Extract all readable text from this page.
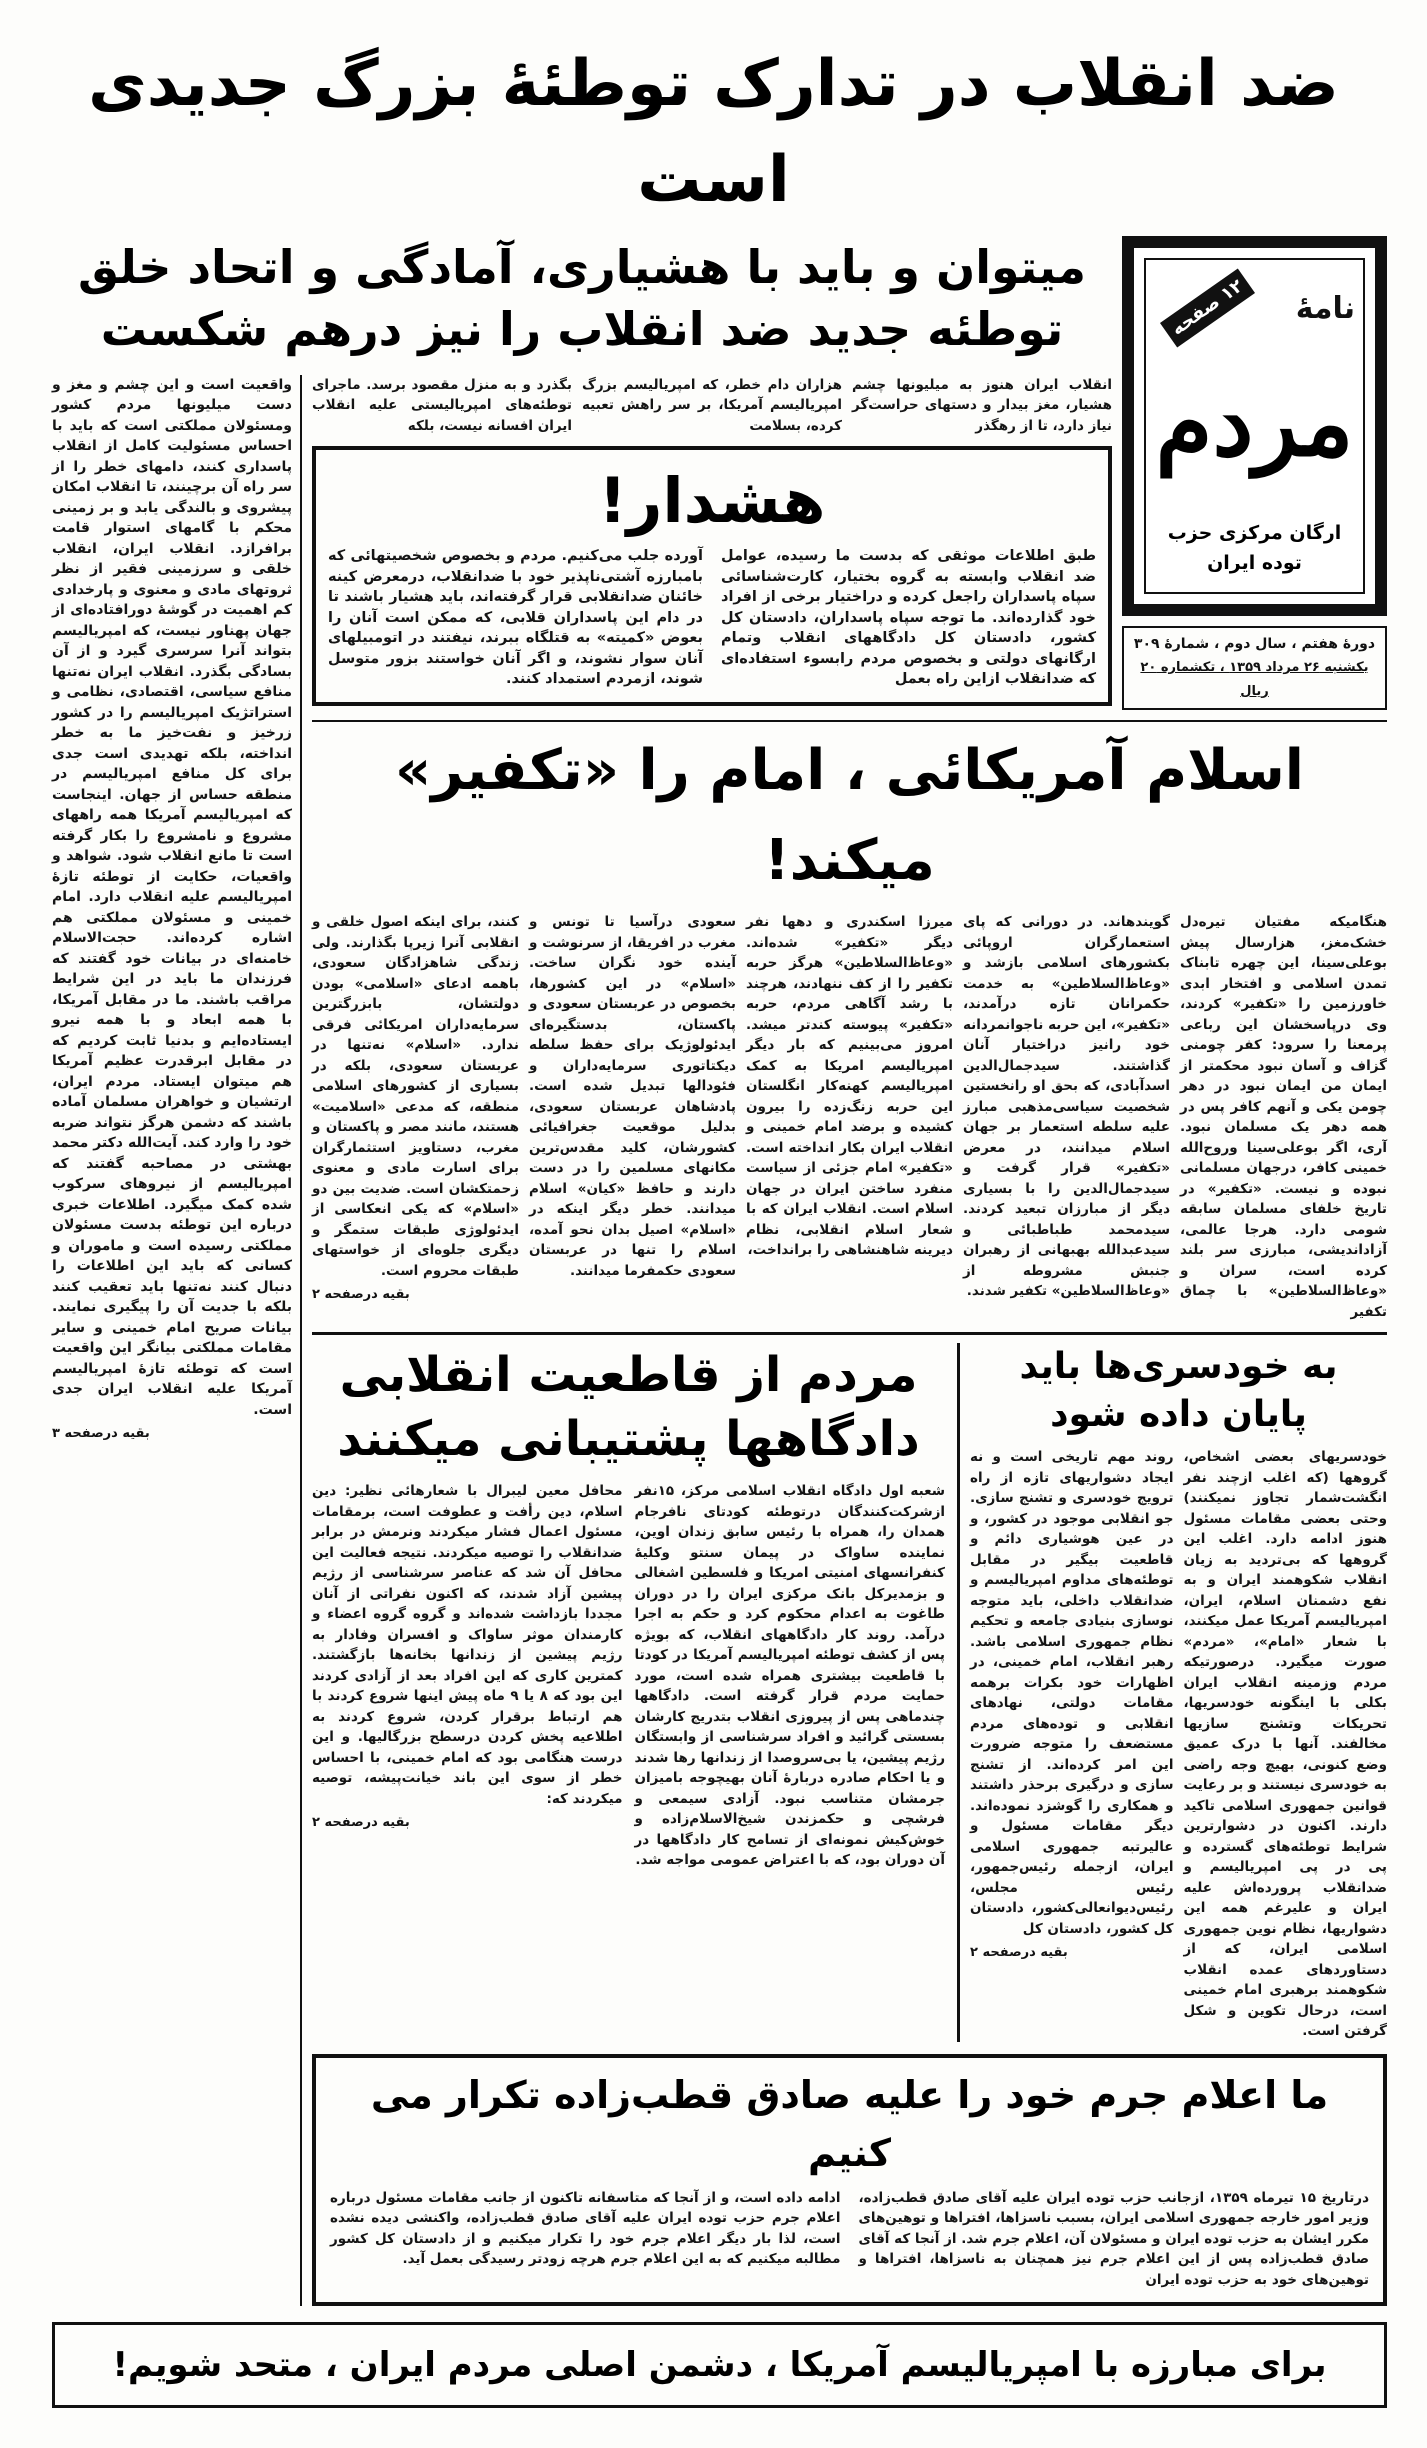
ضد انقلاب در تدارک توطئۀ بزرگ جدیدی است
نامۀ
۱۲ صفحه
مردم
ارگان مرکزی حزب توده ایران
دورۀ هفتم ، سال دوم ، شمارۀ ۳۰۹
یکشنبه ۲۶ مرداد ۱۳۵۹ ، تکشماره ۲۰ ریال
میتوان و باید با هشیاری، آمادگی و اتحاد خلق
توطئه جدید ضد انقلاب را نیز درهم شکست
انقلاب ایران هنوز به میلیونها چشم هشیار، مغز بیدار و دستهای حراست‌گر نیاز دارد، تا از رهگذر
هزاران دام خطر، که امپریالیسم بزرگ امپریالیسم آمریکا، بر سر راهش تعبیه کرده، بسلامت
بگذرد و به منزل مقصود برسد. ماجرای توطئه‌های امپریالیستی علیه انقلاب ایران افسانه نیست، بلکه
هشدار!
طبق اطلاعات موثقی که بدست ما رسیده، عوامل ضد انقلاب وابسته به گروه بختیار، کارت‌شناسائی سپاه پاسداران راجعل کرده و دراختیار برخی از افراد خود گذارده‌اند. ما توجه سپاه پاسداران، دادستان کل کشور، دادستان کل دادگاههای انقلاب وتمام ارگانهای دولتی و بخصوص مردم رابسوء استفاده‌ای که ضدانقلاب ازاین راه بعمل
آورده جلب می‌کنیم. مردم و بخصوص شخصیتهائی که بامبارزه آشتی‌ناپذیر خود با ضدانقلاب، درمعرض کینه خائنان ضدانقلابی قرار گرفته‌اند، باید هشیار باشند تا در دام این پاسداران قلابی، که ممکن است آنان را بعوض «کمیته» به قتلگاه ببرند، نیفتند در اتومبیلهای آنان سوار نشوند، و اگر آنان خواستند بزور متوسل شوند، ازمردم استمداد کنند.
واقعیت است و این چشم و مغز و دست میلیونها مردم کشور ومسئولان مملکتی است که باید با احساس مسئولیت کامل از انقلاب پاسداری کنند، دامهای خطر را از سر راه آن برچینند، تا انقلاب امکان پیشروی و بالندگی یابد و بر زمینی محکم با گامهای استوار قامت برافرازد. انقلاب ایران، انقلاب خلقی و سرزمینی فقیر از نظر ثروتهای مادی و معنوی و پارخدادی کم اهمیت در گوشۀ دورافتاده‌ای از جهان پهناور نیست، که امپریالیسم بتواند آنرا سرسری گیرد و از آن بسادگی بگذرد. انقلاب ایران نه‌تنها منافع سیاسی، اقتصادی، نظامی و استراتژیک امپریالیسم را در کشور زرخیز و نفت‌خیز ما به خطر انداخته، بلکه تهدیدی است جدی برای کل منافع امپریالیسم در منطقه حساس از جهان. اینجاست که امپریالیسم آمریکا همه راههای مشروع و نامشروع را بکار گرفته است تا مانع انقلاب شود. شواهد و واقعیات، حکایت از توطئه تازۀ امپریالیسم علیه انقلاب دارد. امام خمینی و مسئولان مملکتی هم اشاره کرده‌اند. حجت‌الاسلام خامنه‌ای در بیانات خود گفتند که فرزندان ما باید در این شرایط مراقب باشند. ما در مقابل آمریکا، با همه ابعاد و با همه نیرو ایستاده‌ایم و بدنیا ثابت کردیم که در مقابل ابرقدرت عظیم آمریکا هم میتوان ایستاد. مردم ایران، ارتشیان و خواهران مسلمان آماده باشند که دشمن هرگز نتواند ضربه خود را وارد کند. آیت‌الله دکتر محمد بهشتی در مصاحبه گفتند که امپریالیسم از نیروهای سرکوب شده کمک میگیرد. اطلاعات خبری درباره این توطئه بدست مسئولان مملکتی رسیده است و ماموران و کسانی که باید این اطلاعات را دنبال کنند نه‌تنها باید تعقیب کنند بلکه با جدیت آن را پیگیری نمایند. بیانات صریح امام خمینی و سایر مقامات مملکتی بیانگر این واقعیت است که توطئه تازۀ امپریالیسم آمریکا علیه انقلاب ایران جدی است.
بقیه درصفحه ۳
اسلام آمریکائی ، امام را «تکفیر» میکند!
هنگامیکه مفتیان تیره‌دل خشک‌مغز، هزارسال پیش بوعلی‌سینا، این چهره تابناک تمدن اسلامی و افتخار ابدی خاورزمین را «تکفیر» کردند، وی درپاسخشان این رباعی پرمعنا را سرود: کفر چومنی گزاف و آسان نبود محکمتر از ایمان من ایمان نبود در دهر چومن یکی و آنهم کافر پس در همه دهر یک مسلمان نبود. آری، اگر بوعلی‌سینا وروح‌الله خمینی کافر، درجهان مسلمانی نبوده و نیست. «تکفیر» در تاریخ خلفای مسلمان سابقه شومی دارد. هرجا عالمی، آزاداندیشی، مبارزی سر بلند کرده است، سران و «وعاظ‌السلاطین» با چماق تکفیر
گویندهاند. در دورانی که پای استعمارگران اروپائی بکشورهای اسلامی بازشد و «وعاظ‌السلاطین» به خدمت حکمرانان تازه درآمدند، «تکفیر»، این حربه ناجوانمردانه خود رانیز دراختیار آنان گذاشتند. سیدجمال‌الدین اسدآبادی، که بحق او رانخستین شخصیت سیاسی‌مذهبی مبارز علیه سلطه استعمار بر جهان اسلام میدانند، در معرض «تکفیر» قرار گرفت و سیدجمال‌الدین را با بسیاری دیگر از مبارزان تبعید کردند. سیدمحمد طباطبائی و سیدعبدالله بهبهانی از رهبران جنبش مشروطه از «وعاظ‌السلاطین» تکفیر شدند.
میرزا اسکندری و دهها نفر دیگر «تکفیر» شده‌اند. «وعاظ‌السلاطین» هرگز حربه تکفیر را از کف ننهادند، هرچند با رشد آگاهی مردم، حربه «تکفیر» پیوسته کندتر میشد. امروز می‌بینیم که بار دیگر امپریالیسم امریکا به کمک امپریالیسم کهنه‌کار انگلستان این حربه زنگ‌زده را بیرون کشیده و برضد امام خمینی و انقلاب ایران بکار انداخته است. «تکفیر» امام جزئی از سیاست منفرد ساختن ایران در جهان اسلام است. انقلاب ایران که با شعار اسلام انقلابی، نظام دیرینه شاهنشاهی را برانداخت،
سعودی درآسیا تا تونس و مغرب در افریقا، از سرنوشت و آینده خود نگران ساخت. «اسلام» در این کشورها، بخصوص در عربستان سعودی و پاکستان، بدستگیره‌ای ایدئولوژیک برای حفظ سلطه دیکتاتوری سرمایه‌داران و فئودالها تبدیل شده است. پادشاهان عربستان سعودی، بدلیل موقعیت جغرافیائی کشورشان، کلید مقدس‌ترین مکانهای مسلمین را در دست دارند و حافظ «کیان» اسلام میدانند. خطر دیگر اینکه در «اسلام» اصیل بدان نحو آمده، اسلام را تنها در عربستان سعودی حکمفرما میدانند.
کنند، برای اینکه اصول خلقی و انقلابی آنرا زیرپا بگذارند. ولی زندگی شاهزادگان سعودی، باهمه ادعای «اسلامی» بودن دولتشان، بابزرگترین سرمایه‌داران امریکائی فرقی ندارد. «اسلام» نه‌تنها در عربستان سعودی، بلکه در بسیاری از کشورهای اسلامی منطقه، که مدعی «اسلامیت» هستند، مانند مصر و پاکستان و مغرب، دستاویز استثمارگران برای اسارت مادی و معنوی زحمتکشان است. ضدیت بین دو «اسلام» که یکی انعکاسی از ایدئولوژی طبقات ستمگر و دیگری جلوه‌ای از خواستهای طبقات محروم است.
بقیه درصفحه ۲
به خودسری‌ها باید
پایان داده شود
خودسریهای بعضی اشخاص، گروهها (که اغلب ازچند نفر انگشت‌شمار تجاوز نمیکنند) وحتی بعضی مقامات مسئول هنوز ادامه دارد. اغلب این گروهها که بی‌تردید به زیان انقلاب شکوهمند ایران و به نفع دشمنان اسلام، ایران، امپریالیسم آمریکا عمل میکنند، با شعار «امام»، «مردم» صورت میگیرد. درصورتیکه مردم وزمینه انقلاب ایران بکلی با اینگونه خودسریها، تحریکات وتشنج سازیها مخالفند. آنها با درک عمیق وضع کنونی، بهیچ وجه راضی به خودسری نیستند و بر رعایت قوانین جمهوری اسلامی تاکید دارند. اکنون در دشوارترین شرایط توطئه‌های گسترده و پی در پی امپریالیسم و ضدانقلاب پرورده‌اش علیه ایران و علیرغم همه این دشواریها، نظام نوین جمهوری اسلامی ایران، که از دستاوردهای عمده انقلاب شکوهمند برهبری امام خمینی است، درحال تکوین و شکل گرفتن است.
روند مهم تاریخی است و نه ایجاد دشواریهای تازه از راه ترویج خودسری و تشنج سازی. جو انقلابی موجود در کشور، و در عین هوشیاری دائم و قاطعیت بیگیر در مقابل توطئه‌های مداوم امپریالیسم و ضدانقلاب داخلی، باید متوجه نوسازی بنیادی جامعه و تحکیم نظام جمهوری اسلامی باشد. رهبر انقلاب، امام خمینی، در اظهارات خود بکرات برهمه مقامات دولتی، نهادهای انقلابی و توده‌های مردم مستضعف را متوجه ضرورت این امر کرده‌اند. از تشنج سازی و درگیری برحذر داشتند و همکاری را گوشزد نموده‌اند. دیگر مقامات مسئول و عالیرتبه جمهوری اسلامی ایران، ازجمله رئیس‌جمهور، رئیس مجلس، رئیس‌دیوانعالی‌کشور، دادستان کل کشور، دادستان کل
بقیه درصفحه ۲
مردم از قاطعیت انقلابی
دادگاهها پشتیبانی میکنند
شعبه اول دادگاه انقلاب اسلامی مرکز، ۱۵نفر ازشرکت‌کنندگان درتوطئه کودتای نافرجام همدان را، همراه با رئیس سابق زندان اوین، نماینده ساواک در پیمان سنتو وکلیۀ کنفرانسهای امنیتی امریکا و فلسطین اشغالی و بزمدیرکل بانک مرکزی ایران را در دوران طاغوت به اعدام محکوم کرد و حکم به اجرا درآمد. روند کار دادگاههای انقلاب، که بویژه پس از کشف توطئه امپریالیسم آمریکا در کودتا با قاطعیت بیشتری همراه شده است، مورد حمایت مردم قرار گرفته است. دادگاهها چندماهی پس از پیروزی انقلاب بتدریج کارشان بسستی گرائید و افراد سرشناسی از وابستگان رژیم پیشین، یا بی‌سروصدا از زندانها رها شدند و یا احکام صادره دربارۀ آنان بهیچوجه باميزان جرمشان متناسب نبود. آزادی سیمعی و فرشچی و حکمزندن شیخ‌الاسلام‌زاده و خوش‌کیش نمونه‌ای از تسامح کار دادگاهها در آن دوران بود، که با اعتراض عمومی مواجه شد.
محافل معین لیبرال با شعارهائی نظیر: دین اسلام، دین رأفت و عطوفت است، برمقامات مسئول اعمال فشار میکردند ونرمش در برابر ضدانقلاب را توصیه میکردند. نتیجه فعالیت این محافل آن شد که عناصر سرشناسی از رژیم پیشین آزاد شدند، که اکنون نفراتی از آنان مجددا بازداشت شده‌اند و گروه گروه اعضاء و کارمندان موثر ساواک و افسران وفادار به رژیم پیشین از زندانها بخانه‌ها بازگشتند. کمترین کاری که این افراد بعد از آزادی کردند این بود که ۸ یا ۹ ماه پیش اینها شروع کردند با هم ارتباط برقرار کردن، شروع کردند به اطلاعیه پخش کردن درسطح بزرگالیها. و این درست هنگامی بود که امام خمینی، با احساس خطر از سوی این باند خیانت‌پیشه، توصیه میکردند که:
بقیه درصفحه ۲
ما اعلام جرم خود را علیه صادق قطب‌زاده تکرار می کنیم
درتاریخ ۱۵ تیرماه ۱۳۵۹، ازجانب حزب توده ایران علیه آقای صادق قطب‌زاده، وزیر امور خارجه جمهوری اسلامی ایران، بسبب ناسزاها، افتراها و توهین‌های مکرر ایشان به حزب توده ایران و مسئولان آن، اعلام جرم شد. از آنجا که آقای صادق قطب‌زاده پس از این اعلام جرم نیز همچنان به ناسزاها، افتراها و توهین‌های خود به حزب توده ایران
ادامه داده است، و از آنجا که متاسفانه تاکنون از جانب مقامات مسئول درباره اعلام جرم حزب توده ایران علیه آقای صادق قطب‌زاده، واکنشی دیده نشده است، لذا بار دیگر اعلام جرم خود را تکرار میکنیم و از دادستان کل کشور مطالبه میکنیم که به این اعلام جرم هرچه زودتر رسیدگی بعمل آید.
برای مبارزه با امپریالیسم آمریکا ، دشمن اصلی مردم ایران ، متحد شویم!
